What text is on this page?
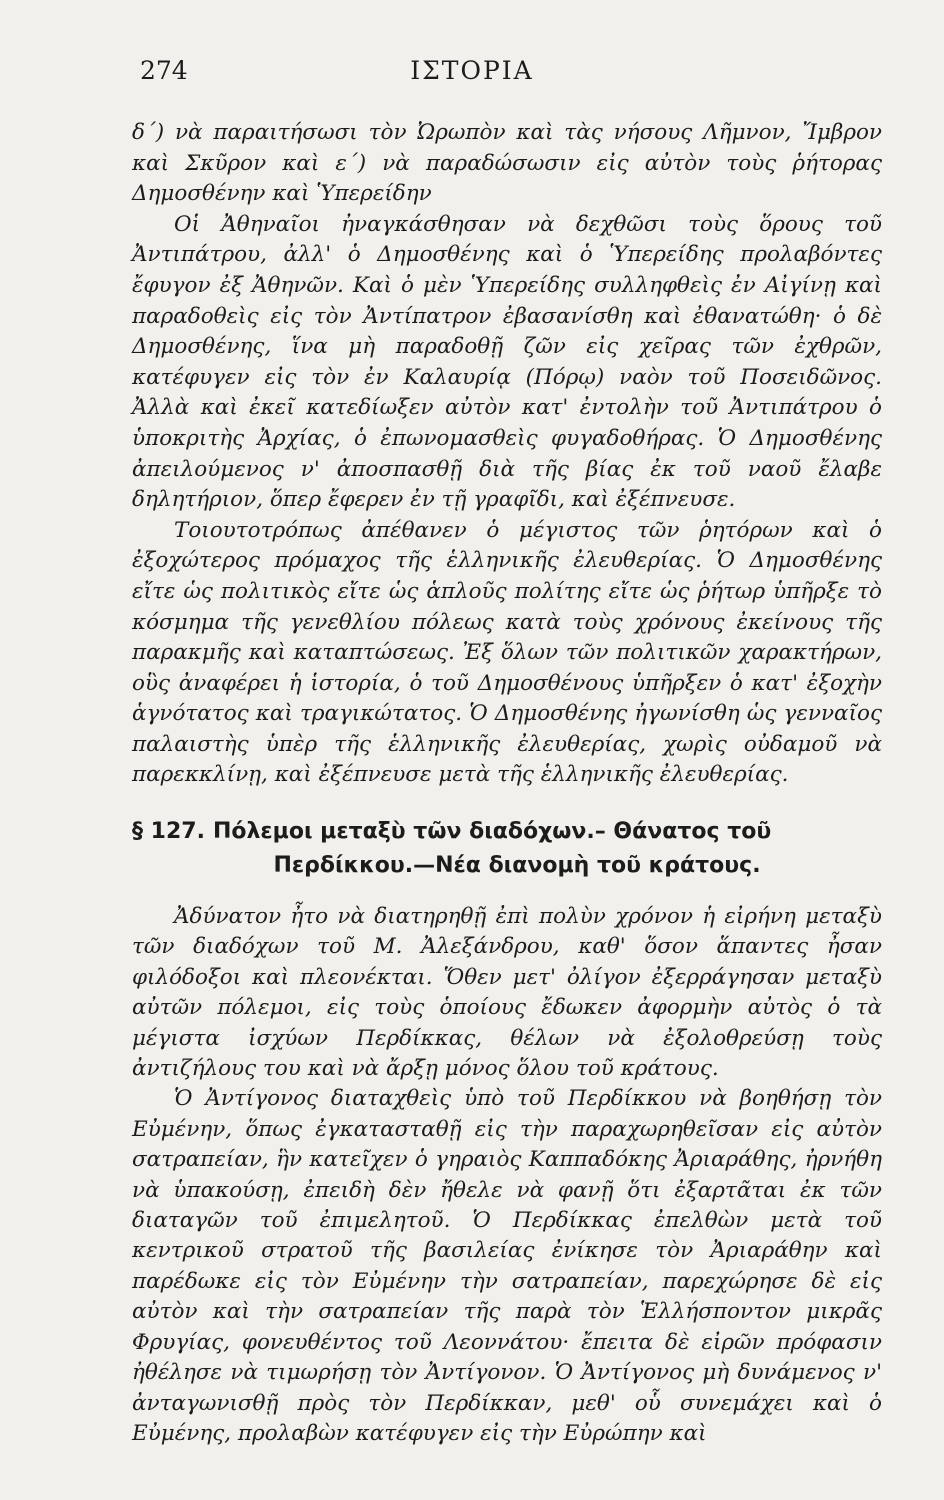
274	ΙΣΤΟΡΙΑ

δ΄) νὰ παραιτήσωσι τὸν Ὠρωπὸν καὶ τὰς νήσους Λῆμνον, Ἴμβρον καὶ Σκῦρον καὶ ε΄) νὰ παραδώσωσιν εἰς αὐτὸν τοὺς ῥήτορας Δημοσθένην καὶ Ὑπερείδην

Οἱ Ἀθηναῖοι ἠναγκάσθησαν νὰ δεχθῶσι τοὺς ὅρους τοῦ Ἀντιπάτρου, ἀλλ' ὁ Δημοσθένης καὶ ὁ Ὑπερείδης προλαβόντες ἔφυγον ἐξ Ἀθηνῶν. Καὶ ὁ μὲν Ὑπερείδης συλληφθεὶς ἐν Αἰγίνῃ καὶ παραδοθεὶς εἰς τὸν Ἀντίπατρον ἐβασανίσθη καὶ ἐθανατώθη· ὁ δὲ Δημοσθένης, ἵνα μὴ παραδοθῇ ζῶν εἰς χεῖρας τῶν ἐχθρῶν, κατέφυγεν εἰς τὸν ἐν Καλαυρίᾳ (Πόρῳ) ναὸν τοῦ Ποσειδῶνος. Ἀλλὰ καὶ ἐκεῖ κατεδίωξεν αὐτὸν κατ' ἐντολὴν τοῦ Ἀντιπάτρου ὁ ὑποκριτὴς Ἀρχίας, ὁ ἐπωνομασθεὶς φυγαδοθήρας. Ὁ Δημοσθένης ἀπειλούμενος ν' ἀποσπασθῇ διὰ τῆς βίας ἐκ τοῦ ναοῦ ἔλαβε δηλητήριον, ὅπερ ἔφερεν ἐν τῇ γραφῖδι, καὶ ἐξέπνευσε.

Τοιουτοτρόπως ἀπέθανεν ὁ μέγιστος τῶν ῥητόρων καὶ ὁ ἐξοχώτερος πρόμαχος τῆς ἑλληνικῆς ἐλευθερίας. Ὁ Δημοσθένης εἴτε ὡς πολιτικὸς εἴτε ὡς ἁπλοῦς πολίτης εἴτε ὡς ῥήτωρ ὑπῆρξε τὸ κόσμημα τῆς γενεθλίου πόλεως κατὰ τοὺς χρόνους ἐκείνους τῆς παρακμῆς καὶ καταπτώσεως. Ἐξ ὅλων τῶν πολιτικῶν χαρακτήρων, οὓς ἀναφέρει ἡ ἱστορία, ὁ τοῦ Δημοσθένους ὑπῆρξεν ὁ κατ' ἐξοχὴν ἁγνότατος καὶ τραγικώτατος. Ὁ Δημοσθένης ἠγωνίσθη ὡς γενναῖος παλαιστὴς ὑπὲρ τῆς ἑλληνικῆς ἐλευθερίας, χωρὶς οὐδαμοῦ νὰ παρεκκλίνῃ, καὶ ἐξέπνευσε μετὰ τῆς ἑλληνικῆς ἐλευθερίας.

§ 127. Πόλεμοι μεταξὺ τῶν διαδόχων.– Θάνατος τοῦ
Περδίκκου.—Νέα διανομὴ τοῦ κράτους.

Ἀδύνατον ἦτο νὰ διατηρηθῇ ἐπὶ πολὺν χρόνον ἡ εἰρήνη μεταξὺ τῶν διαδόχων τοῦ Μ. Ἀλεξάνδρου, καθ' ὅσον ἅπαντες ἦσαν φιλόδοξοι καὶ πλεονέκται. Ὅθεν μετ' ὀλίγον ἐξερράγησαν μεταξὺ αὐτῶν πόλεμοι, εἰς τοὺς ὁποίους ἔδωκεν ἀφορμὴν αὐτὸς ὁ τὰ μέγιστα ἰσχύων Περδίκκας, θέλων νὰ ἐξολοθρεύσῃ τοὺς ἀντιζήλους του καὶ νὰ ἄρξῃ μόνος ὅλου τοῦ κράτους.

Ὁ Ἀντίγονος διαταχθεὶς ὑπὸ τοῦ Περδίκκου νὰ βοηθήσῃ τὸν Εὐμένην, ὅπως ἐγκατασταθῇ εἰς τὴν παραχωρηθεῖσαν εἰς αὐτὸν σατραπείαν, ἣν κατεῖχεν ὁ γηραιὸς Καππαδόκης Ἀριαράθης, ἠρνήθη νὰ ὑπακούσῃ, ἐπειδὴ δὲν ἤθελε νὰ φανῇ ὅτι ἐξαρτᾶται ἐκ τῶν διαταγῶν τοῦ ἐπιμελητοῦ. Ὁ Περδίκκας ἐπελθὼν μετὰ τοῦ κεντρικοῦ στρατοῦ τῆς βασιλείας ἐνίκησε τὸν Ἀριαράθην καὶ παρέδωκε εἰς τὸν Εὐμένην τὴν σατραπείαν, παρεχώρησε δὲ εἰς αὐτὸν καὶ τὴν σατραπείαν τῆς παρὰ τὸν Ἑλλήσποντον μικρᾶς Φρυγίας, φονευθέντος τοῦ Λεοννάτου· ἔπειτα δὲ εἰρῶν πρόφασιν ἠθέλησε νὰ τιμωρήσῃ τὸν Ἀντίγονον. Ὁ Ἀντίγονος μὴ δυνάμενος ν' ἀνταγωνισθῇ πρὸς τὸν Περδίκκαν, μεθ' οὗ συνεμάχει καὶ ὁ Εὐμένης, προλαβὼν κατέφυγεν εἰς τὴν Εὐρώπην καὶ
